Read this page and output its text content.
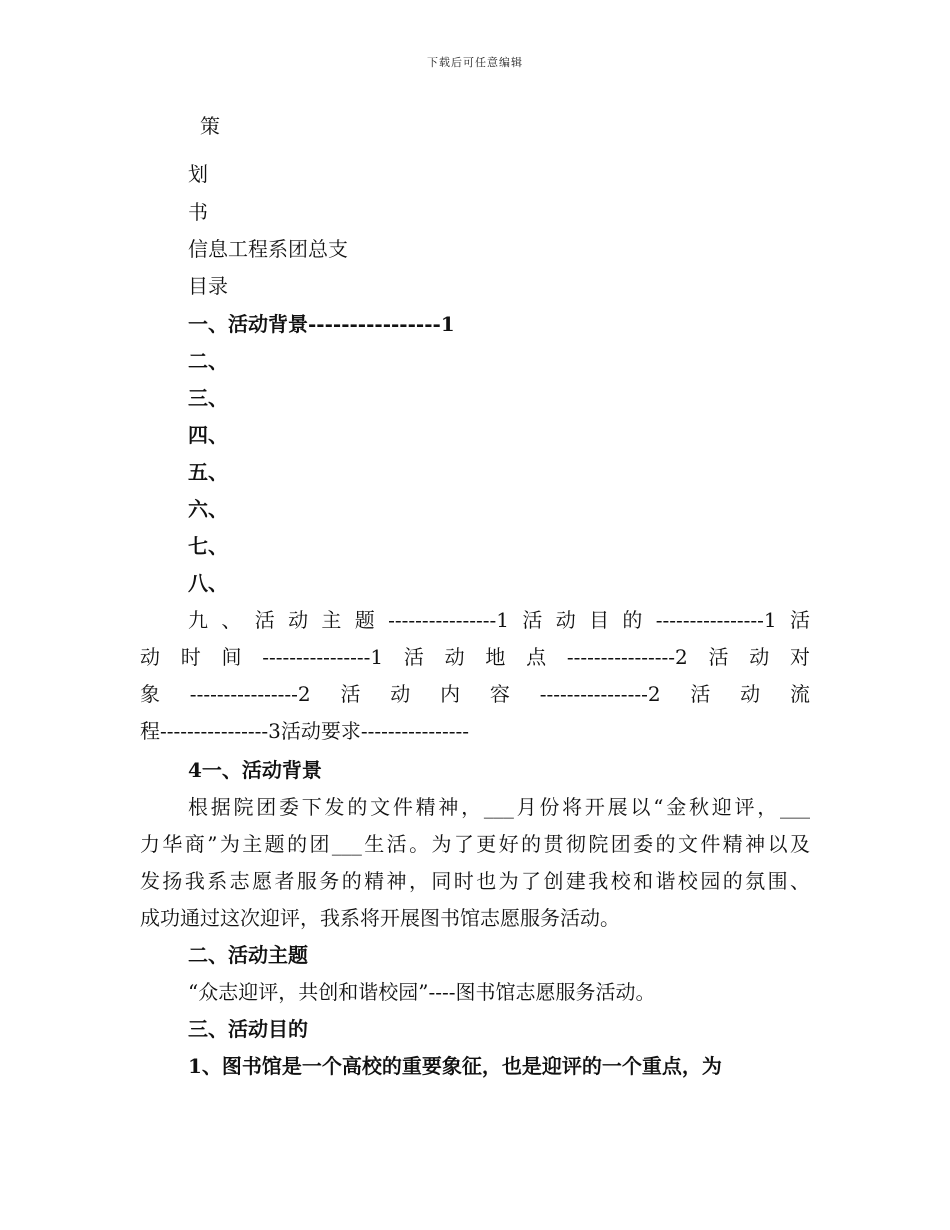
下载后可任意编辑
策
划
书
信息工程系团总支
目录
一、活动背景----------------1
二、
三、
四、
五、
六、
七、
八、
九、活动主题----------------1活动目的----------------1活
动时间----------------1活动地点----------------2活动对
象----------------2活动内容----------------2活动流
程----------------3活动要求----------------
4一、活动背景
根据院团委下发的文件精神，___月份将开展以“金秋迎评，___
力华商”为主题的团___生活。为了更好的贯彻院团委的文件精神以及
发扬我系志愿者服务的精神，同时也为了创建我校和谐校园的氛围、
成功通过这次迎评，我系将开展图书馆志愿服务活动。
二、活动主题
“众志迎评，共创和谐校园”----图书馆志愿服务活动。
三、活动目的
1、图书馆是一个高校的重要象征，也是迎评的一个重点，为
